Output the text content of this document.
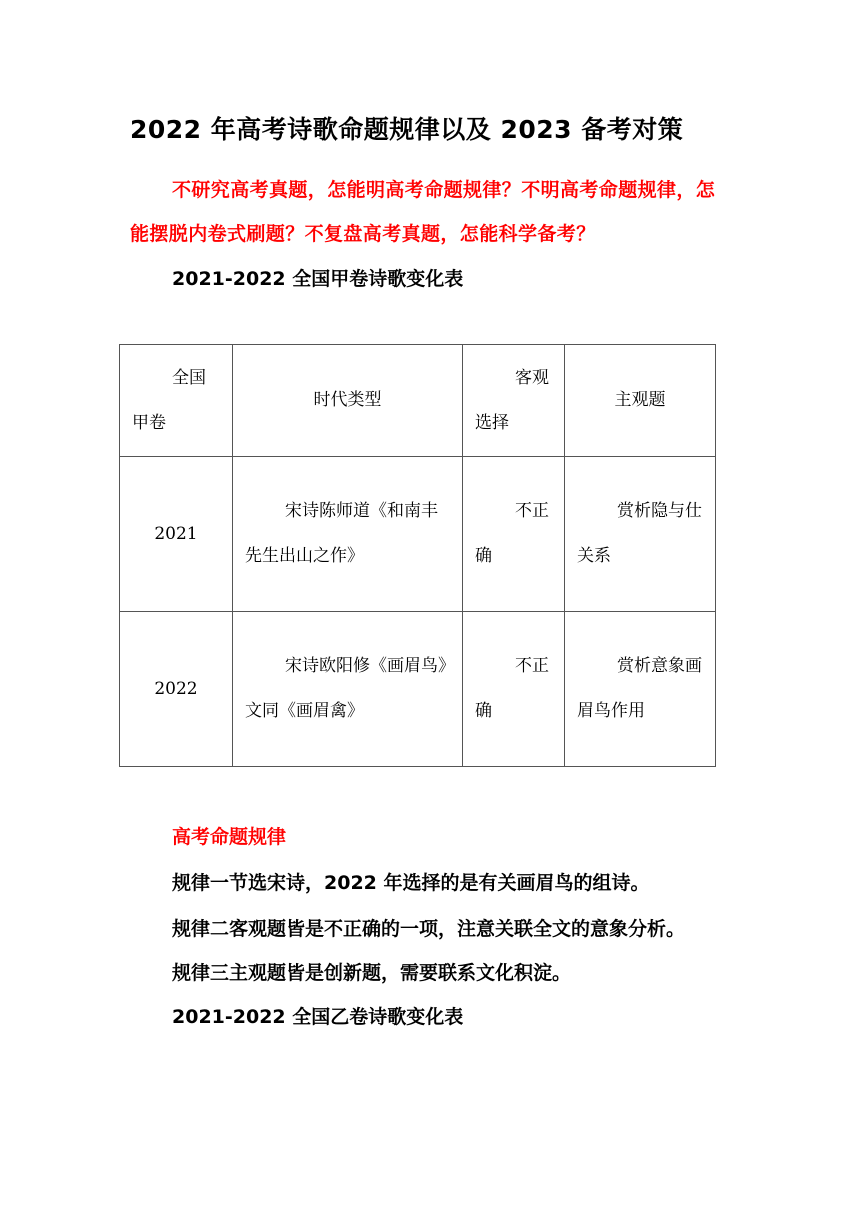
2022 年高考诗歌命题规律以及 2023 备考对策
不研究高考真题，怎能明高考命题规律？不明高考命题规律，怎能摆脱内卷式刷题？不复盘高考真题，怎能科学备考？
2021-2022 全国甲卷诗歌变化表
全国甲卷	时代类型	客观选择	主观题
2021	宋诗陈师道《和南丰先生出山之作》	不正确	赏析隐与仕关系
2022	宋诗欧阳修《画眉鸟》文同《画眉禽》	不正确	赏析意象画眉鸟作用
高考命题规律
规律一节选宋诗，2022 年选择的是有关画眉鸟的组诗。
规律二客观题皆是不正确的一项，注意关联全文的意象分析。
规律三主观题皆是创新题，需要联系文化积淀。
2021-2022 全国乙卷诗歌变化表
